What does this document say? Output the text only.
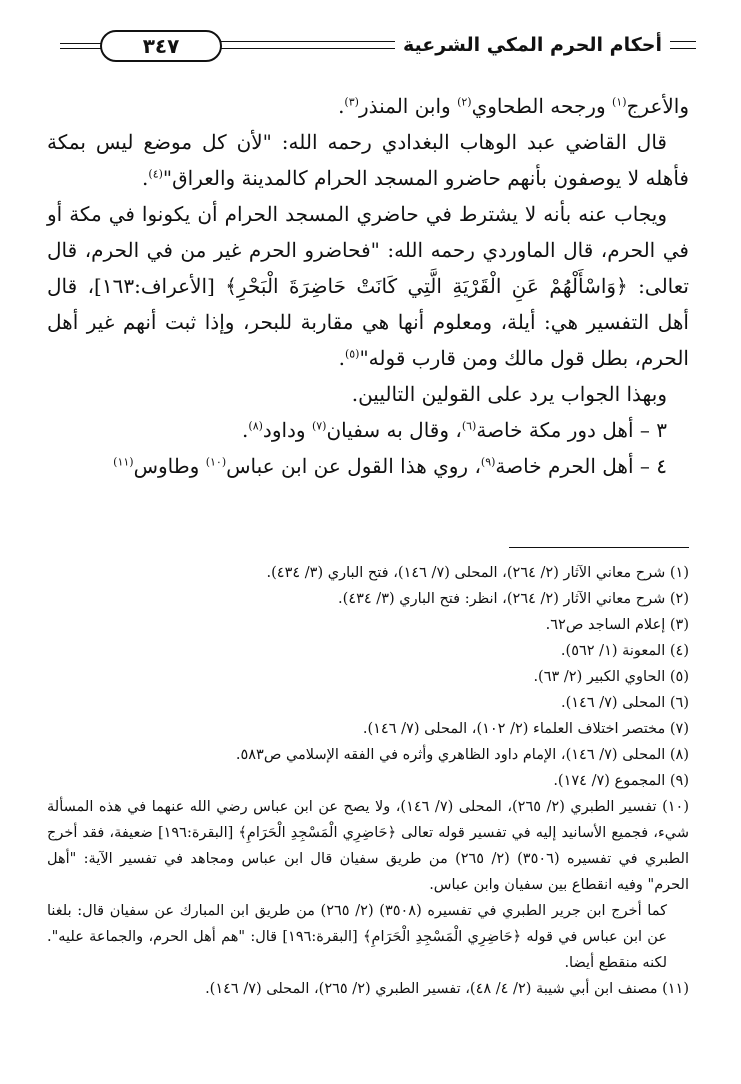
أحكام الحرم المكي الشرعية
٣٤٧

والأعرج$^{(١)}$ ورجحه الطحاوي$^{(٢)}$ وابن المنذر$^{(٣)}$.

قال القاضي عبد الوهاب البغدادي رحمه الله: "لأن كل موضع ليس بمكة فأهله لا يوصفون بأنهم حاضرو المسجد الحرام كالمدينة والعراق"$^{(٤)}$.

ويجاب عنه بأنه لا يشترط في حاضري المسجد الحرام أن يكونوا في مكة أو في الحرم، قال الماوردي رحمه الله: "فحاضرو الحرم غير من في الحرم، قال تعالى: ﴿وَاسْأَلْهُمْ عَنِ الْقَرْيَةِ الَّتِي كَانَتْ حَاضِرَةَ الْبَحْرِ﴾ [الأعراف:١٦٣]، قال أهل التفسير هي: أيلة، ومعلوم أنها هي مقاربة للبحر، وإذا ثبت أنهم غير أهل الحرم، بطل قول مالك ومن قارب قوله"$^{(٥)}$.

وبهذا الجواب يرد على القولين التاليين.

٣ – أهل دور مكة خاصة$^{(٦)}$، وقال به سفيان$^{(٧)}$ وداود$^{(٨)}$.

٤ – أهل الحرم خاصة$^{(٩)}$، روي هذا القول عن ابن عباس$^{(١٠)}$ وطاوس$^{(١١)}$

(١) شرح معاني الآثار (٢/ ٢٦٤)، المحلى (٧/ ١٤٦)، فتح الباري (٣/ ٤٣٤).

(٢) شرح معاني الآثار (٢/ ٢٦٤)، انظر: فتح الباري (٣/ ٤٣٤).

(٣) إعلام الساجد ص٦٢.

(٤) المعونة (١/ ٥٦٢).

(٥) الحاوي الكبير (٢/ ٦٣).

(٦) المحلى (٧/ ١٤٦).

(٧) مختصر اختلاف العلماء (٢/ ١٠٢)، المحلى (٧/ ١٤٦).

(٨) المحلى (٧/ ١٤٦)، الإمام داود الظاهري وأثره في الفقه الإسلامي ص٥٨٣.

(٩) المجموع (٧/ ١٧٤).

(١٠) تفسير الطبري (٢/ ٢٦٥)، المحلى (٧/ ١٤٦)، ولا يصح عن ابن عباس رضي الله عنهما في هذه المسألة شيء، فجميع الأسانيد إليه في تفسير قوله تعالى ﴿حَاضِرِي الْمَسْجِدِ الْحَرَامِ﴾ [البقرة:١٩٦] ضعيفة، فقد أخرج الطبري في تفسيره (٣٥٠٦) (٢/ ٢٦٥) من طريق سفيان قال ابن عباس ومجاهد في تفسير الآية: "أهل الحرم" وفيه انقطاع بين سفيان وابن عباس.

كما أخرج ابن جرير الطبري في تفسيره (٣٥٠٨) (٢/ ٢٦٥) من طريق ابن المبارك عن سفيان قال: بلغنا عن ابن عباس في قوله ﴿حَاضِرِي الْمَسْجِدِ الْحَرَامِ﴾ [البقرة:١٩٦] قال: "هم أهل الحرم، والجماعة عليه". لكنه منقطع أيضا.

(١١) مصنف ابن أبي شيبة (٢/ ٤/ ٤٨)، تفسير الطبري (٢/ ٢٦٥)، المحلى (٧/ ١٤٦).
